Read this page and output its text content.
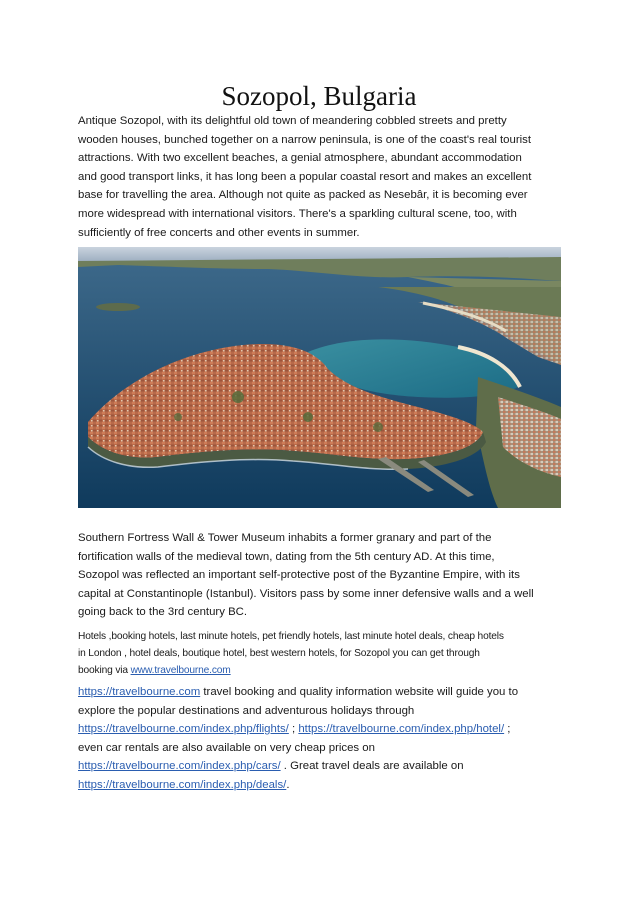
Sozopol, Bulgaria
Antique Sozopol, with its delightful old town of meandering cobbled streets and pretty
wooden houses, bunched together on a narrow peninsula, is one of the coast's real tourist
attractions. With two excellent beaches, a genial atmosphere, abundant accommodation
and good transport links, it has long been a popular coastal resort and makes an excellent
base for travelling the area. Although not quite as packed as Nesebâr, it is becoming ever
more widespread with international visitors. There's a sparkling cultural scene, too, with
sufficiently of free concerts and other events in summer.
Southern Fortress Wall & Tower Museum inhabits a former granary and part of the
fortification walls of the medieval town, dating from the 5th century AD. At this time,
Sozopol was reflected an important self-protective post of the Byzantine Empire, with its
capital at Constantinople (Istanbul). Visitors pass by some inner defensive walls and a well
going back to the 3rd century BC.
Hotels ,booking hotels, last minute hotels, pet friendly hotels, last minute hotel deals, cheap hotels
in London , hotel deals, boutique hotel, best western hotels, for Sozopol you can get through
booking via www.travelbourne.com
https://travelbourne.com travel booking and quality information website will guide you to
explore the popular destinations and adventurous holidays through
https://travelbourne.com/index.php/flights/ ; https://travelbourne.com/index.php/hotel/ ;
even car rentals are also available on very cheap prices on
https://travelbourne.com/index.php/cars/ . Great travel deals are available on
https://travelbourne.com/index.php/deals/.
